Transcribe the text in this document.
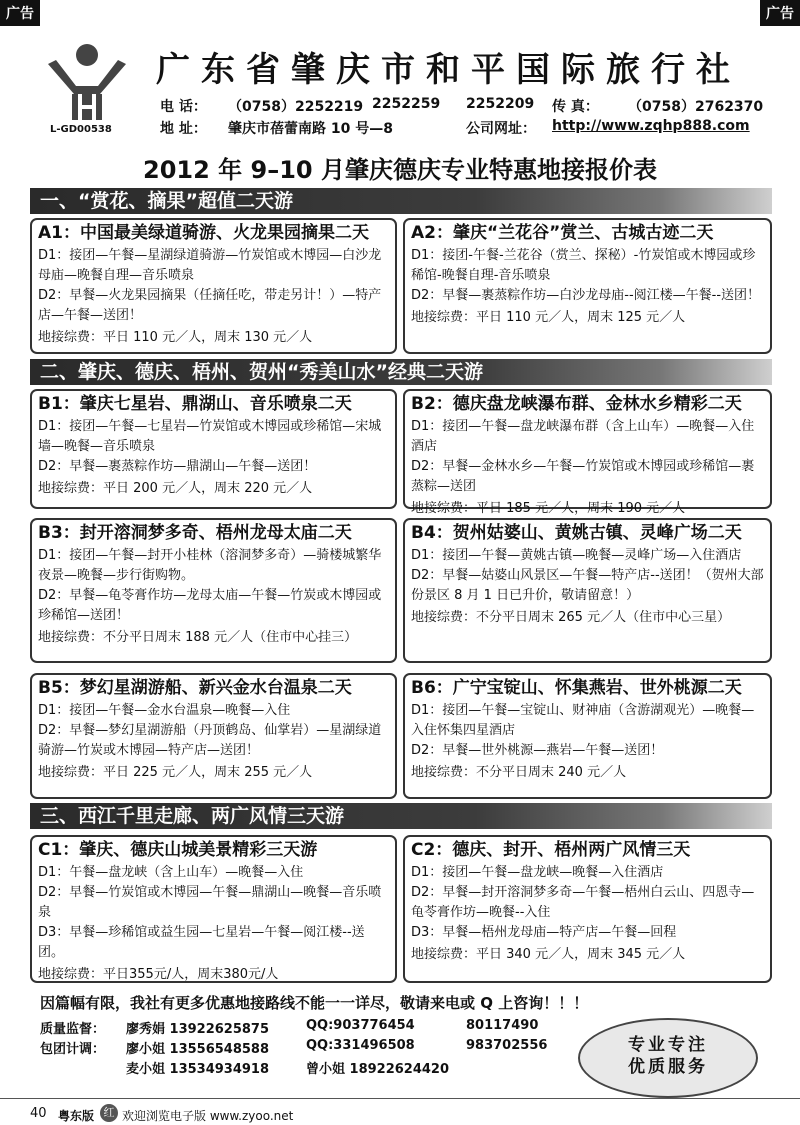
广告	广告
L-GD00538
广东省肇庆市和平国际旅行社
电 话： （0758）2252219 2252259 2252209 传 真： （0758）2762370
地 址： 肇庆市蓓蕾南路 10 号—8	公司网址： http://www.zqhp888.com
2012 年 9–10 月肇庆德庆专业特惠地接报价表
一、“赏花、摘果”超值二天游
二、肇庆、德庆、梧州、贺州“秀美山水”经典二天游
三、西江千里走廊、两广风情三天游
A1：中国最美绿道骑游、火龙果园摘果二天
D1：接团—午餐—星湖绿道骑游—竹炭馆或木博园—白沙龙母庙—晚餐自理—音乐喷泉
D2：早餐—火龙果园摘果（任摘任吃，带走另计！）—特产店—午餐—送团！
地接综费：平日 110 元／人，周末 130 元／人
A2：肇庆“兰花谷”赏兰、古城古迹二天
D1：接团-午餐-兰花谷（赏兰、探秘）-竹炭馆或木博园或珍稀馆-晚餐自理-音乐喷泉
D2：早餐—裹蒸粽作坊—白沙龙母庙--阅江楼—午餐--送团！
地接综费：平日 110 元／人，周末 125 元／人
B1：肇庆七星岩、鼎湖山、音乐喷泉二天
D1：接团—午餐—七星岩—竹炭馆或木博园或珍稀馆—宋城墙—晚餐—音乐喷泉
D2：早餐—裹蒸粽作坊—鼎湖山—午餐—送团！
地接综费：平日 200 元／人，周末 220 元／人
B2：德庆盘龙峡瀑布群、金林水乡精彩二天
D1：接团—午餐—盘龙峡瀑布群（含上山车）—晚餐—入住酒店
D2：早餐—金林水乡—午餐—竹炭馆或木博园或珍稀馆—裹蒸粽—送团
地接综费：平日 185 元／人，周末 190 元／人
B3：封开溶洞梦多奇、梧州龙母太庙二天
D1：接团—午餐—封开小桂林（溶洞梦多奇）—骑楼城繁华夜景—晚餐—步行街购物。
D2：早餐—龟苓膏作坊—龙母太庙—午餐—竹炭或木博园或珍稀馆—送团！
地接综费：不分平日周末 188 元／人（住市中心挂三）
B4：贺州姑婆山、黄姚古镇、灵峰广场二天
D1：接团—午餐—黄姚古镇—晚餐—灵峰广场—入住酒店
D2：早餐—姑婆山风景区—午餐—特产店--送团！（贺州大部份景区 8 月 1 日已升价，敬请留意！）
地接综费：不分平日周末 265 元／人（住市中心三星）
B5：梦幻星湖游船、新兴金水台温泉二天
D1：接团—午餐—金水台温泉—晚餐—入住
D2：早餐—梦幻星湖游船（丹顶鹤岛、仙掌岩）—星湖绿道骑游—竹炭或木博园—特产店—送团！
地接综费：平日 225 元／人，周末 255 元／人
B6：广宁宝锭山、怀集燕岩、世外桃源二天
D1：接团—午餐—宝锭山、财神庙（含游湖观光）—晚餐—入住怀集四星酒店
D2：早餐—世外桃源—燕岩—午餐—送团！
地接综费：不分平日周末 240 元／人
C1：肇庆、德庆山城美景精彩三天游
D1：午餐—盘龙峡（含上山车）—晚餐—入住
D2：早餐—竹炭馆或木博园—午餐—鼎湖山—晚餐—音乐喷泉
D3：早餐—珍稀馆或益生园—七星岩—午餐—阅江楼--送团。
地接综费：平日355元/人，周末380元/人
C2：德庆、封开、梧州两广风情三天
D1：接团—午餐—盘龙峡—晚餐—入住酒店
D2：早餐—封开溶洞梦多奇—午餐—梧州白云山、四恩寺—龟苓膏作坊—晚餐--入住
D3：早餐—梧州龙母庙—特产店—午餐—回程
地接综费：平日 340 元／人，周末 345 元／人
因篇幅有限，我社有更多优惠地接路线不能一一详尽，敬请来电或 Q 上咨询！！！
质量监督： 廖秀娟 13922625875	QQ:903776454	80117490
包团计调： 廖小姐 13556548588	QQ:331496508	983702556
麦小姐 13534934918	曾小姐 18922624420
专业专注
优质服务
40 粤东版 红 欢迎浏览电子版 www.zyoo.net
